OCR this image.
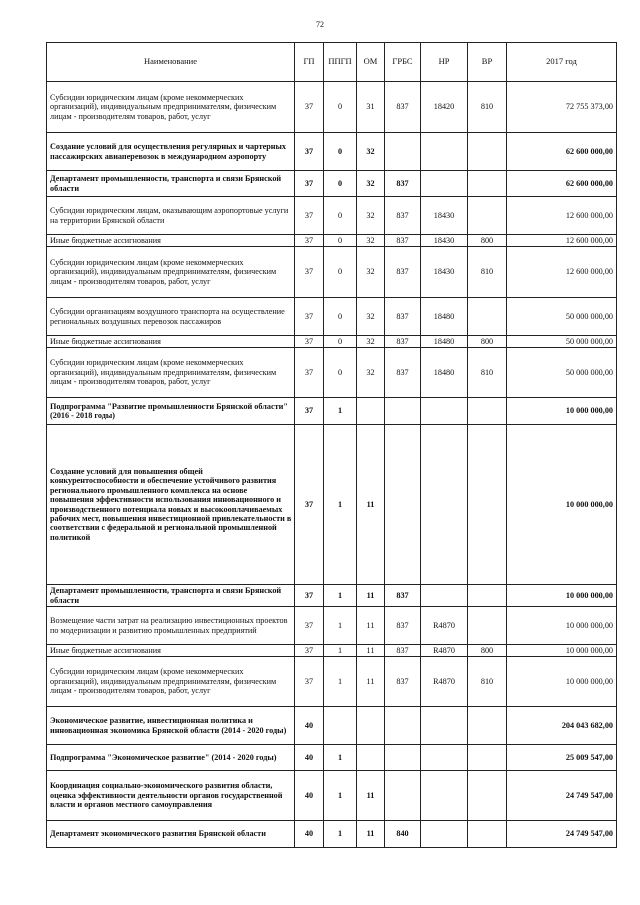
72
Наименование	ГП	ППГП	ОМ	ГРБС	НР	ВР	2017 год
Субсидии юридическим лицам (кроме некоммерческих организаций), индивидуальным предпринимателям, физическим лицам - производителям товаров, работ, услуг	37	0	31	837	18420	810	72 755 373,00
Создание условий для осуществления регулярных и чартерных пассажирских авиаперевозок в международном аэропорту	37	0	32				62 600 000,00
Департамент промышленности, транспорта и связи Брянской области	37	0	32	837			62 600 000,00
Субсидии юридическим лицам, оказывающим аэропортовые услуги на территории Брянской области	37	0	32	837	18430		12 600 000,00
Иные бюджетные ассигнования	37	0	32	837	18430	800	12 600 000,00
Субсидии юридическим лицам (кроме некоммерческих организаций), индивидуальным предпринимателям, физическим лицам - производителям товаров, работ, услуг	37	0	32	837	18430	810	12 600 000,00
Субсидии организациям воздушного транспорта на осуществление региональных воздушных перевозок пассажиров	37	0	32	837	18480		50 000 000,00
Иные бюджетные ассигнования	37	0	32	837	18480	800	50 000 000,00
Субсидии юридическим лицам (кроме некоммерческих организаций), индивидуальным предпринимателям, физическим лицам - производителям товаров, работ, услуг	37	0	32	837	18480	810	50 000 000,00
Подпрограмма "Развитие промышленности Брянской области" (2016 - 2018 годы)	37	1					10 000 000,00
Создание условий для повышения общей конкурентоспособности и обеспечение устойчивого развития регионального промышленного комплекса на основе повышения эффективности использования инновационного и производственного потенциала новых и высокооплачиваемых рабочих мест, повышения инвестиционной привлекательности в соответствии с федеральной и региональной промышленной политикой	37	1	11				10 000 000,00
Департамент промышленности, транспорта и связи Брянской области	37	1	11	837			10 000 000,00
Возмещение части затрат на реализацию инвестиционных проектов по модернизации и развитию промышленных предприятий	37	1	11	837	R4870		10 000 000,00
Иные бюджетные ассигнования	37	1	11	837	R4870	800	10 000 000,00
Субсидии юридическим лицам (кроме некоммерческих организаций), индивидуальным предпринимателям, физическим лицам - производителям товаров, работ, услуг	37	1	11	837	R4870	810	10 000 000,00
Экономическое развитие, инвестиционная политика и инновационная экономика Брянской области (2014 - 2020 годы)	40						204 043 682,00
Подпрограмма "Экономическое развитие" (2014 - 2020 годы)	40	1					25 009 547,00
Координация социально-экономического развития области, оценка эффективности деятельности органов государственной власти и органов местного самоуправления	40	1	11				24 749 547,00
Департамент экономического развития Брянской области	40	1	11	840			24 749 547,00
